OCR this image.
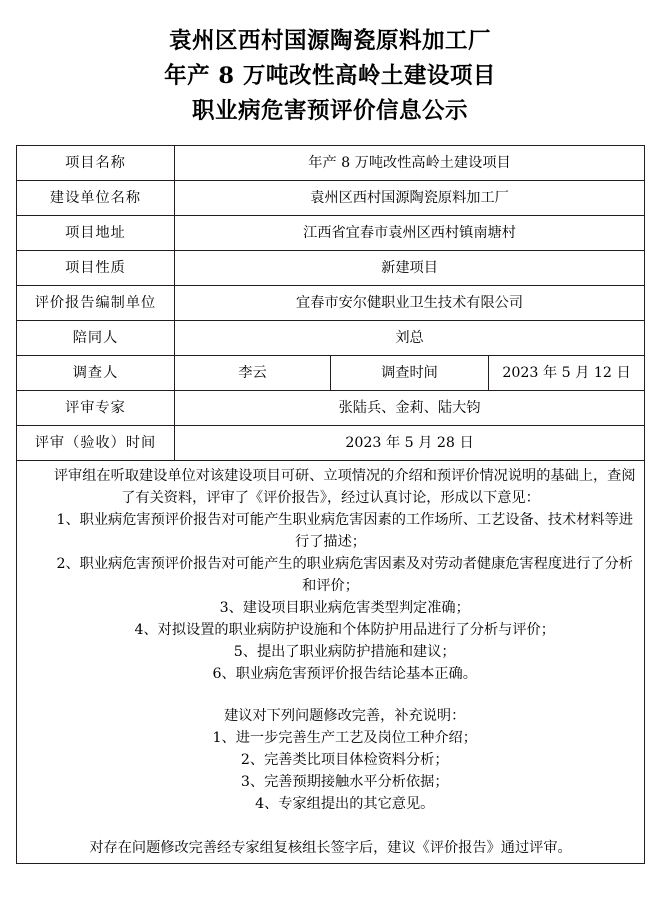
袁州区西村国源陶瓷原料加工厂
年产 8 万吨改性高岭土建设项目
职业病危害预评价信息公示
项目名称	年产 8 万吨改性高岭土建设项目		
建设单位名称	袁州区西村国源陶瓷原料加工厂		
项目地址	江西省宜春市袁州区西村镇南塘村		
项目性质	新建项目		
评价报告编制单位	宜春市安尔健职业卫生技术有限公司		
陪同人	刘总		
调查人	李云	调查时间	2023 年 5 月 12 日
评审专家	张陆兵、金莉、陆大钧		
评审（验收）时间	2023 年 5 月 28 日		

评审组在听取建设单位对该建设项目可研、立项情况的介绍和预评价情况说明的基础上，查阅了有关资料，评审了《评价报告》，经过认真讨论，形成以下意见：

1、职业病危害预评价报告对可能产生职业病危害因素的工作场所、工艺设备、技术材料等进行了描述；

2、职业病危害预评价报告对可能产生的职业病危害因素及对劳动者健康危害程度进行了分析和评价；

3、建设项目职业病危害类型判定准确；

4、对拟设置的职业病防护设施和个体防护用品进行了分析与评价；

5、提出了职业病防护措施和建议；

6、职业病危害预评价报告结论基本正确。

建议对下列问题修改完善，补充说明：

1、进一步完善生产工艺及岗位工种介绍；

2、完善类比项目体检资料分析；

3、完善预期接触水平分析依据；

4、专家组提出的其它意见。

对存在问题修改完善经专家组复核组长签字后，建议《评价报告》通过评审。
